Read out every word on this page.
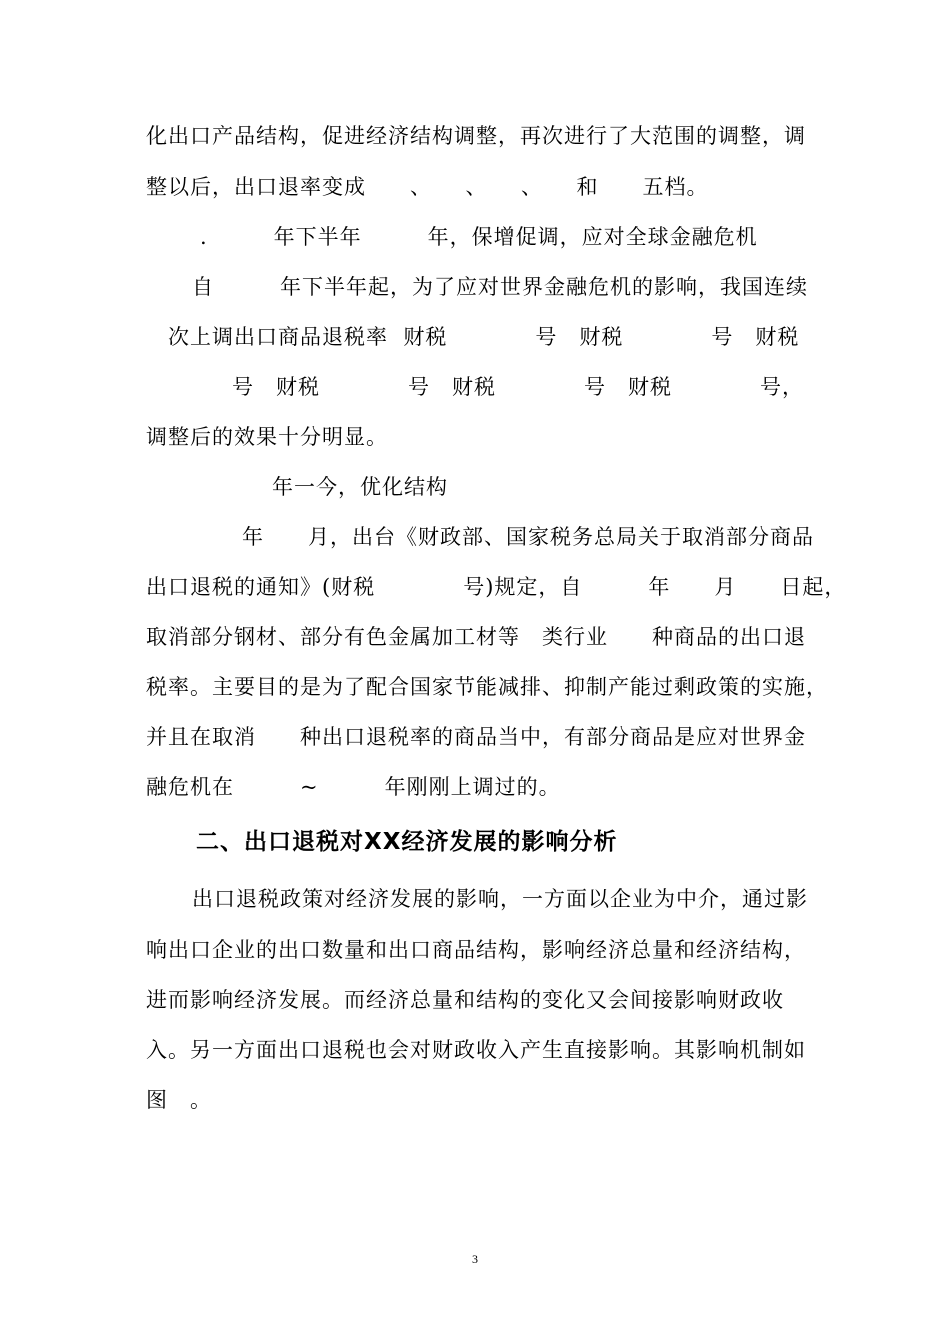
化出口产品结构，促进经济结构调整，再次进行了大范围的调整，调
整以后，出口退率变成　　、　　、　　、　　和　　五档。
.　　　年下半年　　　年，保增促调，应对全球金融危机
自　　　年下半年起，为了应对世界金融危机的影响，我国连续
次上调出口商品退税率  财税　　　　号　财税　　　　号　财税
号　财税　　　　号　财税　　　　号　财税　　　　号，
调整后的效果十分明显。
年一今，优化结构
年　　月，出台《财政部、国家税务总局关于取消部分商品
出口退税的通知》(财税　　　　号)规定，自　　　年　　月　　日起，
取消部分钢材、部分有色金属加工材等　类行业　　种商品的出口退
税率。主要目的是为了配合国家节能减排、抑制产能过剩政策的实施，
并且在取消　　种出口退税率的商品当中，有部分商品是应对世界金
融危机在　　　~　　　年刚刚上调过的。
二、出口退税对XX经济发展的影响分析
出口退税政策对经济发展的影响，一方面以企业为中介，通过影
响出口企业的出口数量和出口商品结构，影响经济总量和经济结构，
进而影响经济发展。而经济总量和结构的变化又会间接影响财政收
入。另一方面出口退税也会对财政收入产生直接影响。其影响机制如
图　。
3
